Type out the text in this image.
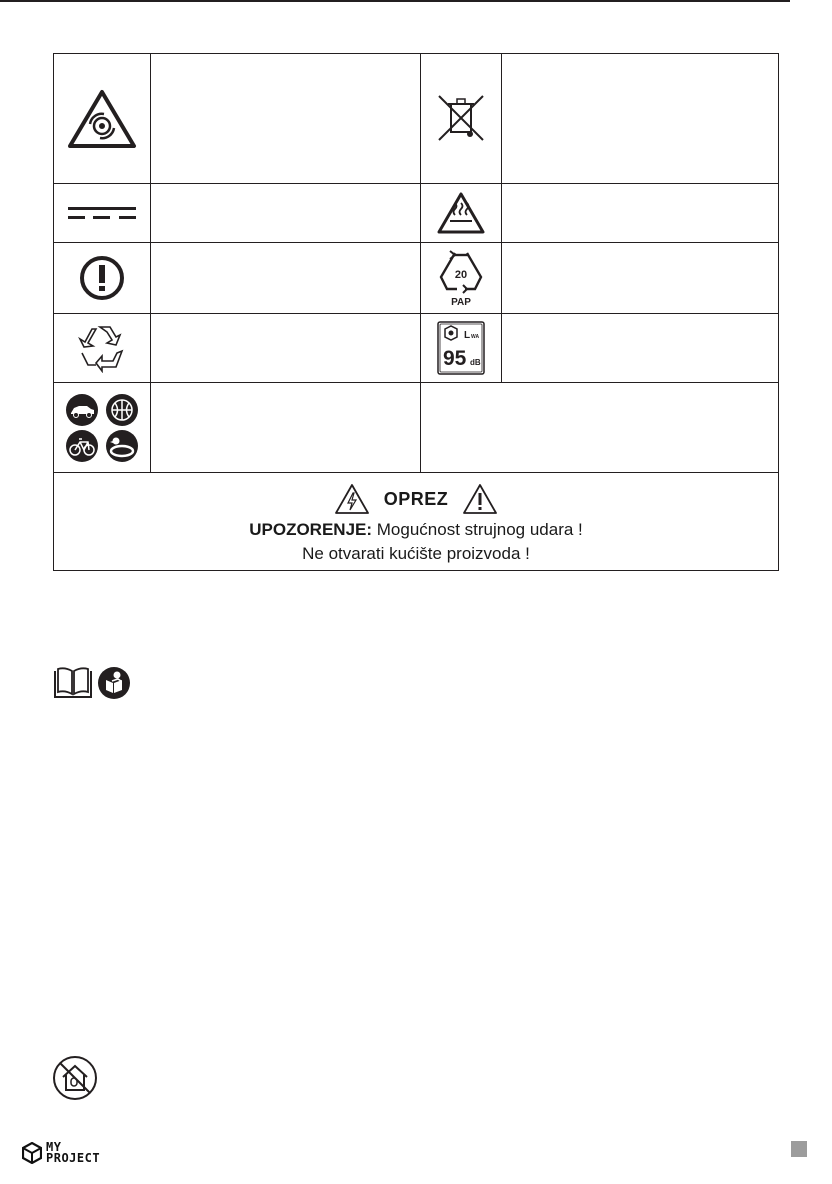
20
PAP
L WA
95 dB
OPREZ
UPOZORENJE: Mogućnost strujnog udara !
Ne otvarati kućište proizvoda !
MY
PROJECT
